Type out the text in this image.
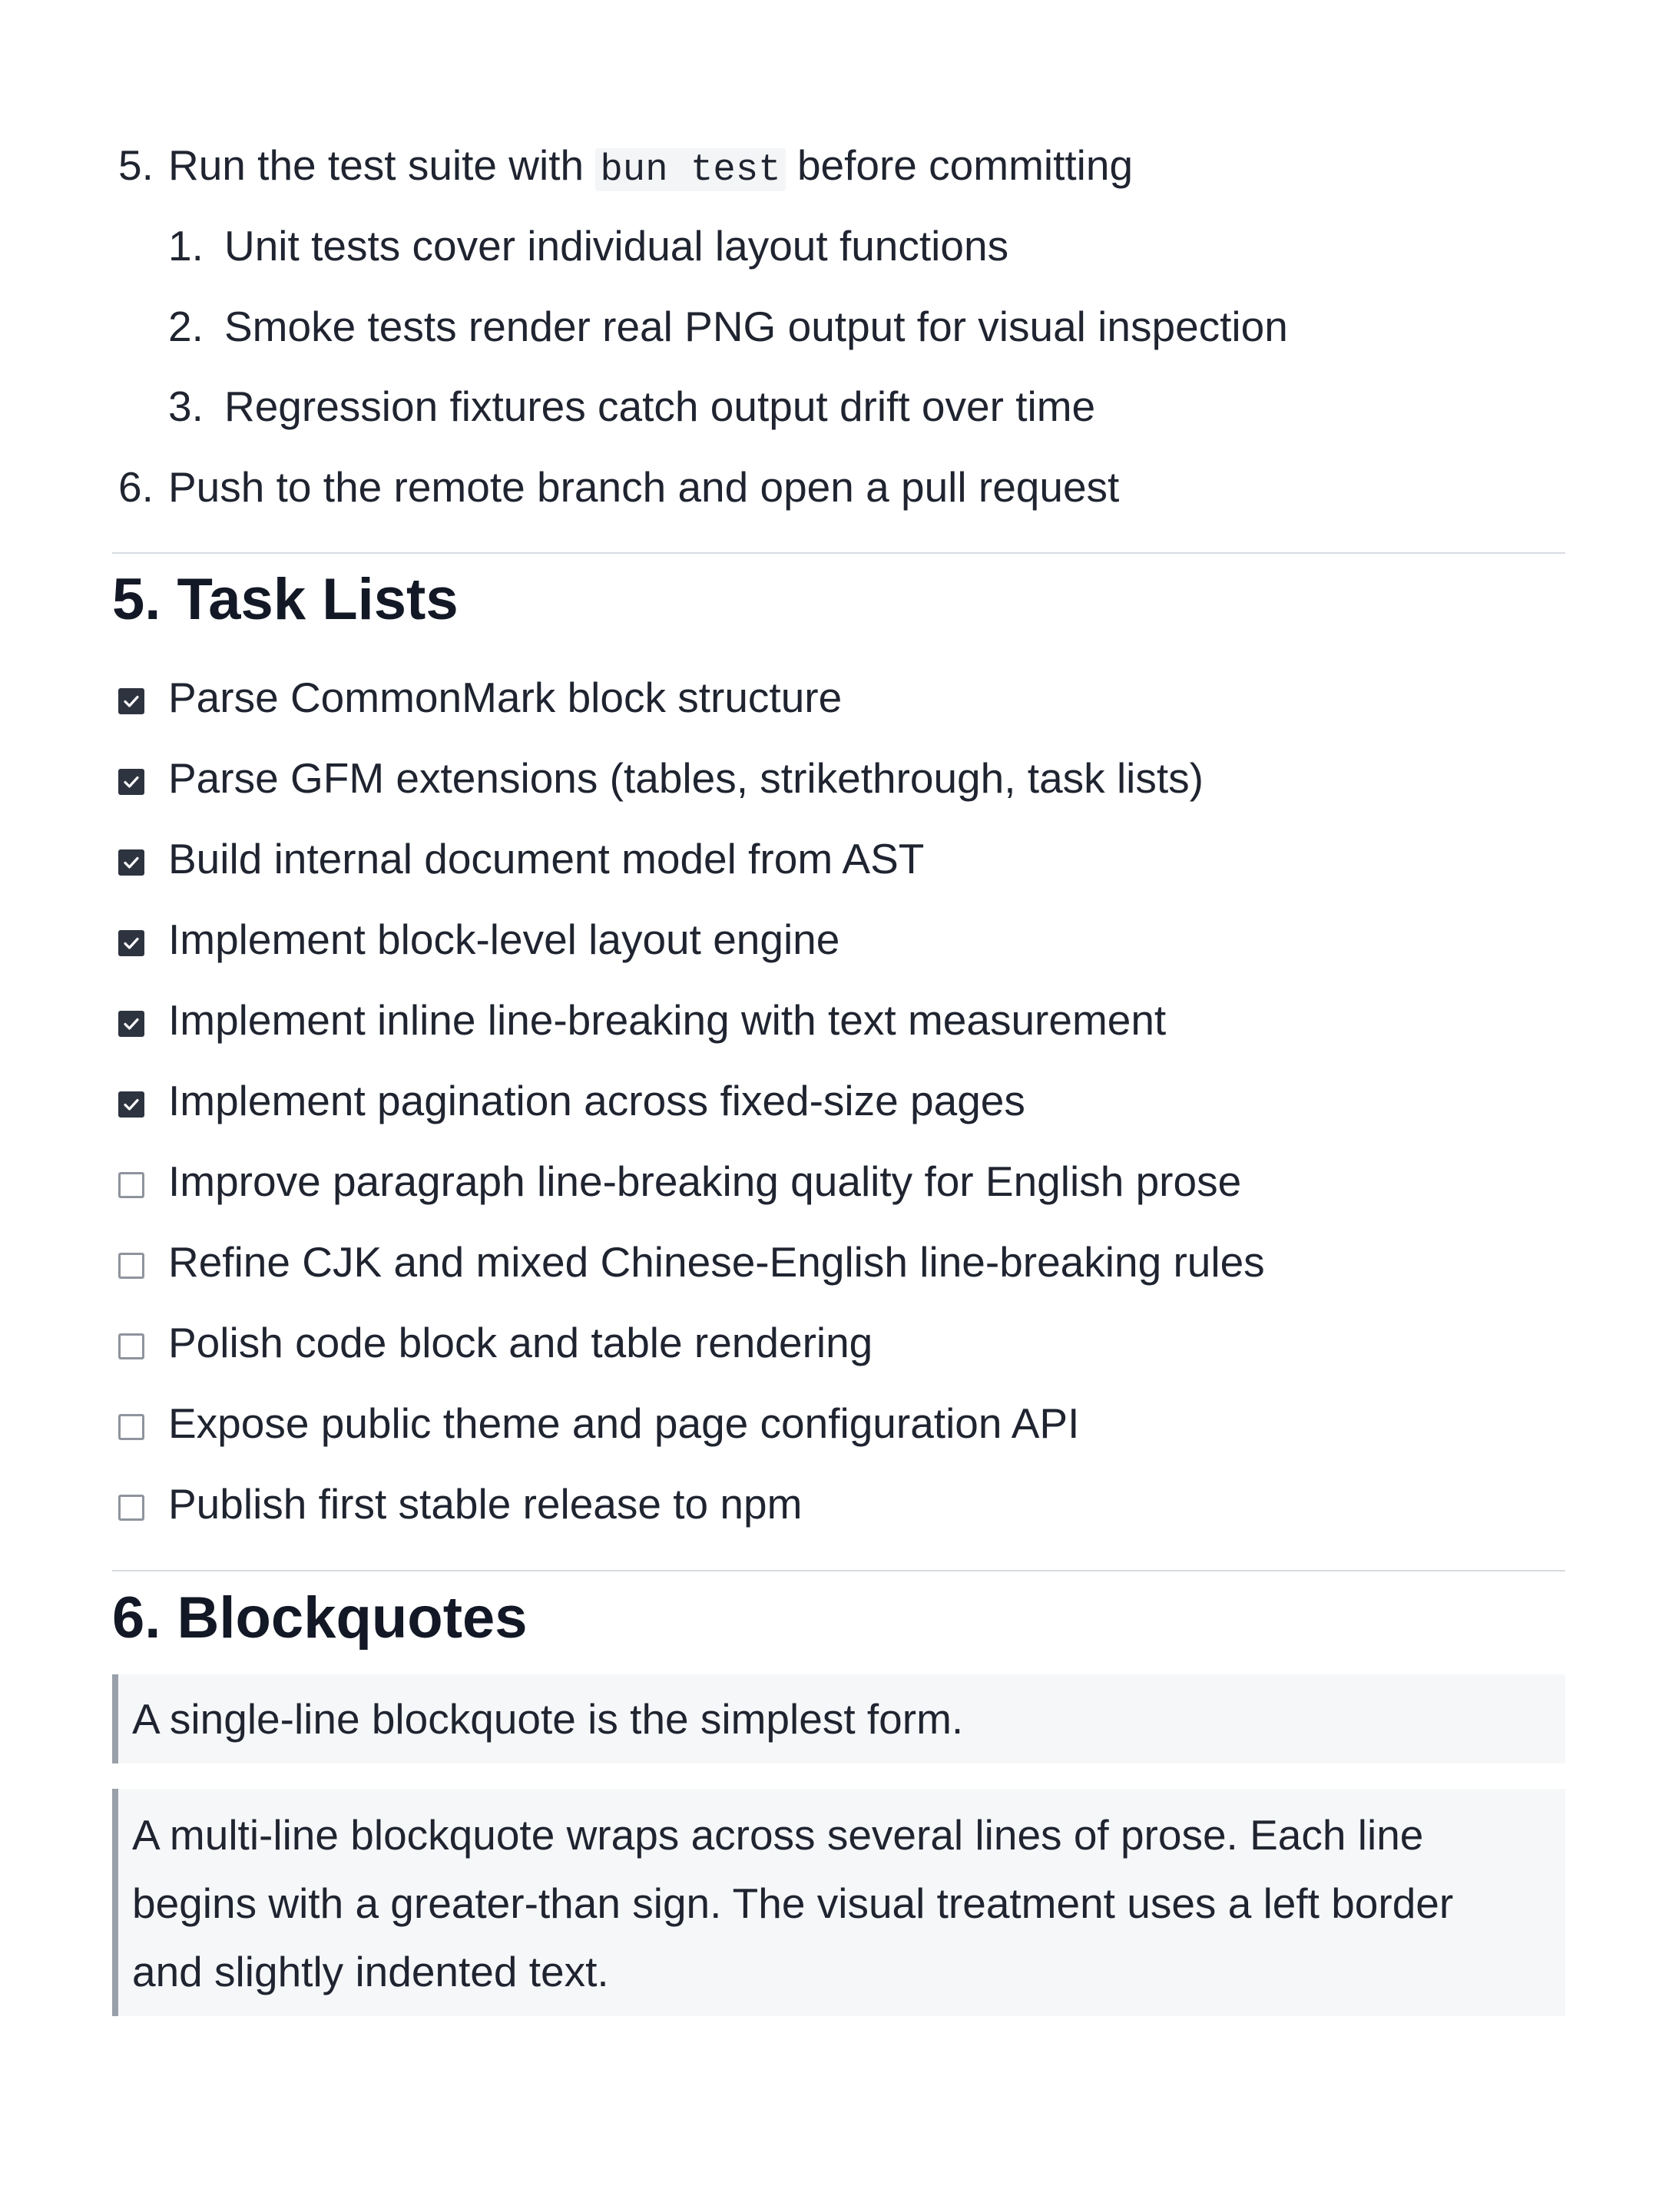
5. Run the test suite with bun test before committing
1. Unit tests cover individual layout functions
2. Smoke tests render real PNG output for visual inspection
3. Regression fixtures catch output drift over time
6. Push to the remote branch and open a pull request
5. Task Lists
Parse CommonMark block structure
Parse GFM extensions (tables, strikethrough, task lists)
Build internal document model from AST
Implement block-level layout engine
Implement inline line-breaking with text measurement
Implement pagination across fixed-size pages
Improve paragraph line-breaking quality for English prose
Refine CJK and mixed Chinese-English line-breaking rules
Polish code block and table rendering
Expose public theme and page configuration API
Publish first stable release to npm
6. Blockquotes

A single-line blockquote is the simplest form.

A multi-line blockquote wraps across several lines of prose. Each line

begins with a greater-than sign. The visual treatment uses a left border

and slightly indented text.
